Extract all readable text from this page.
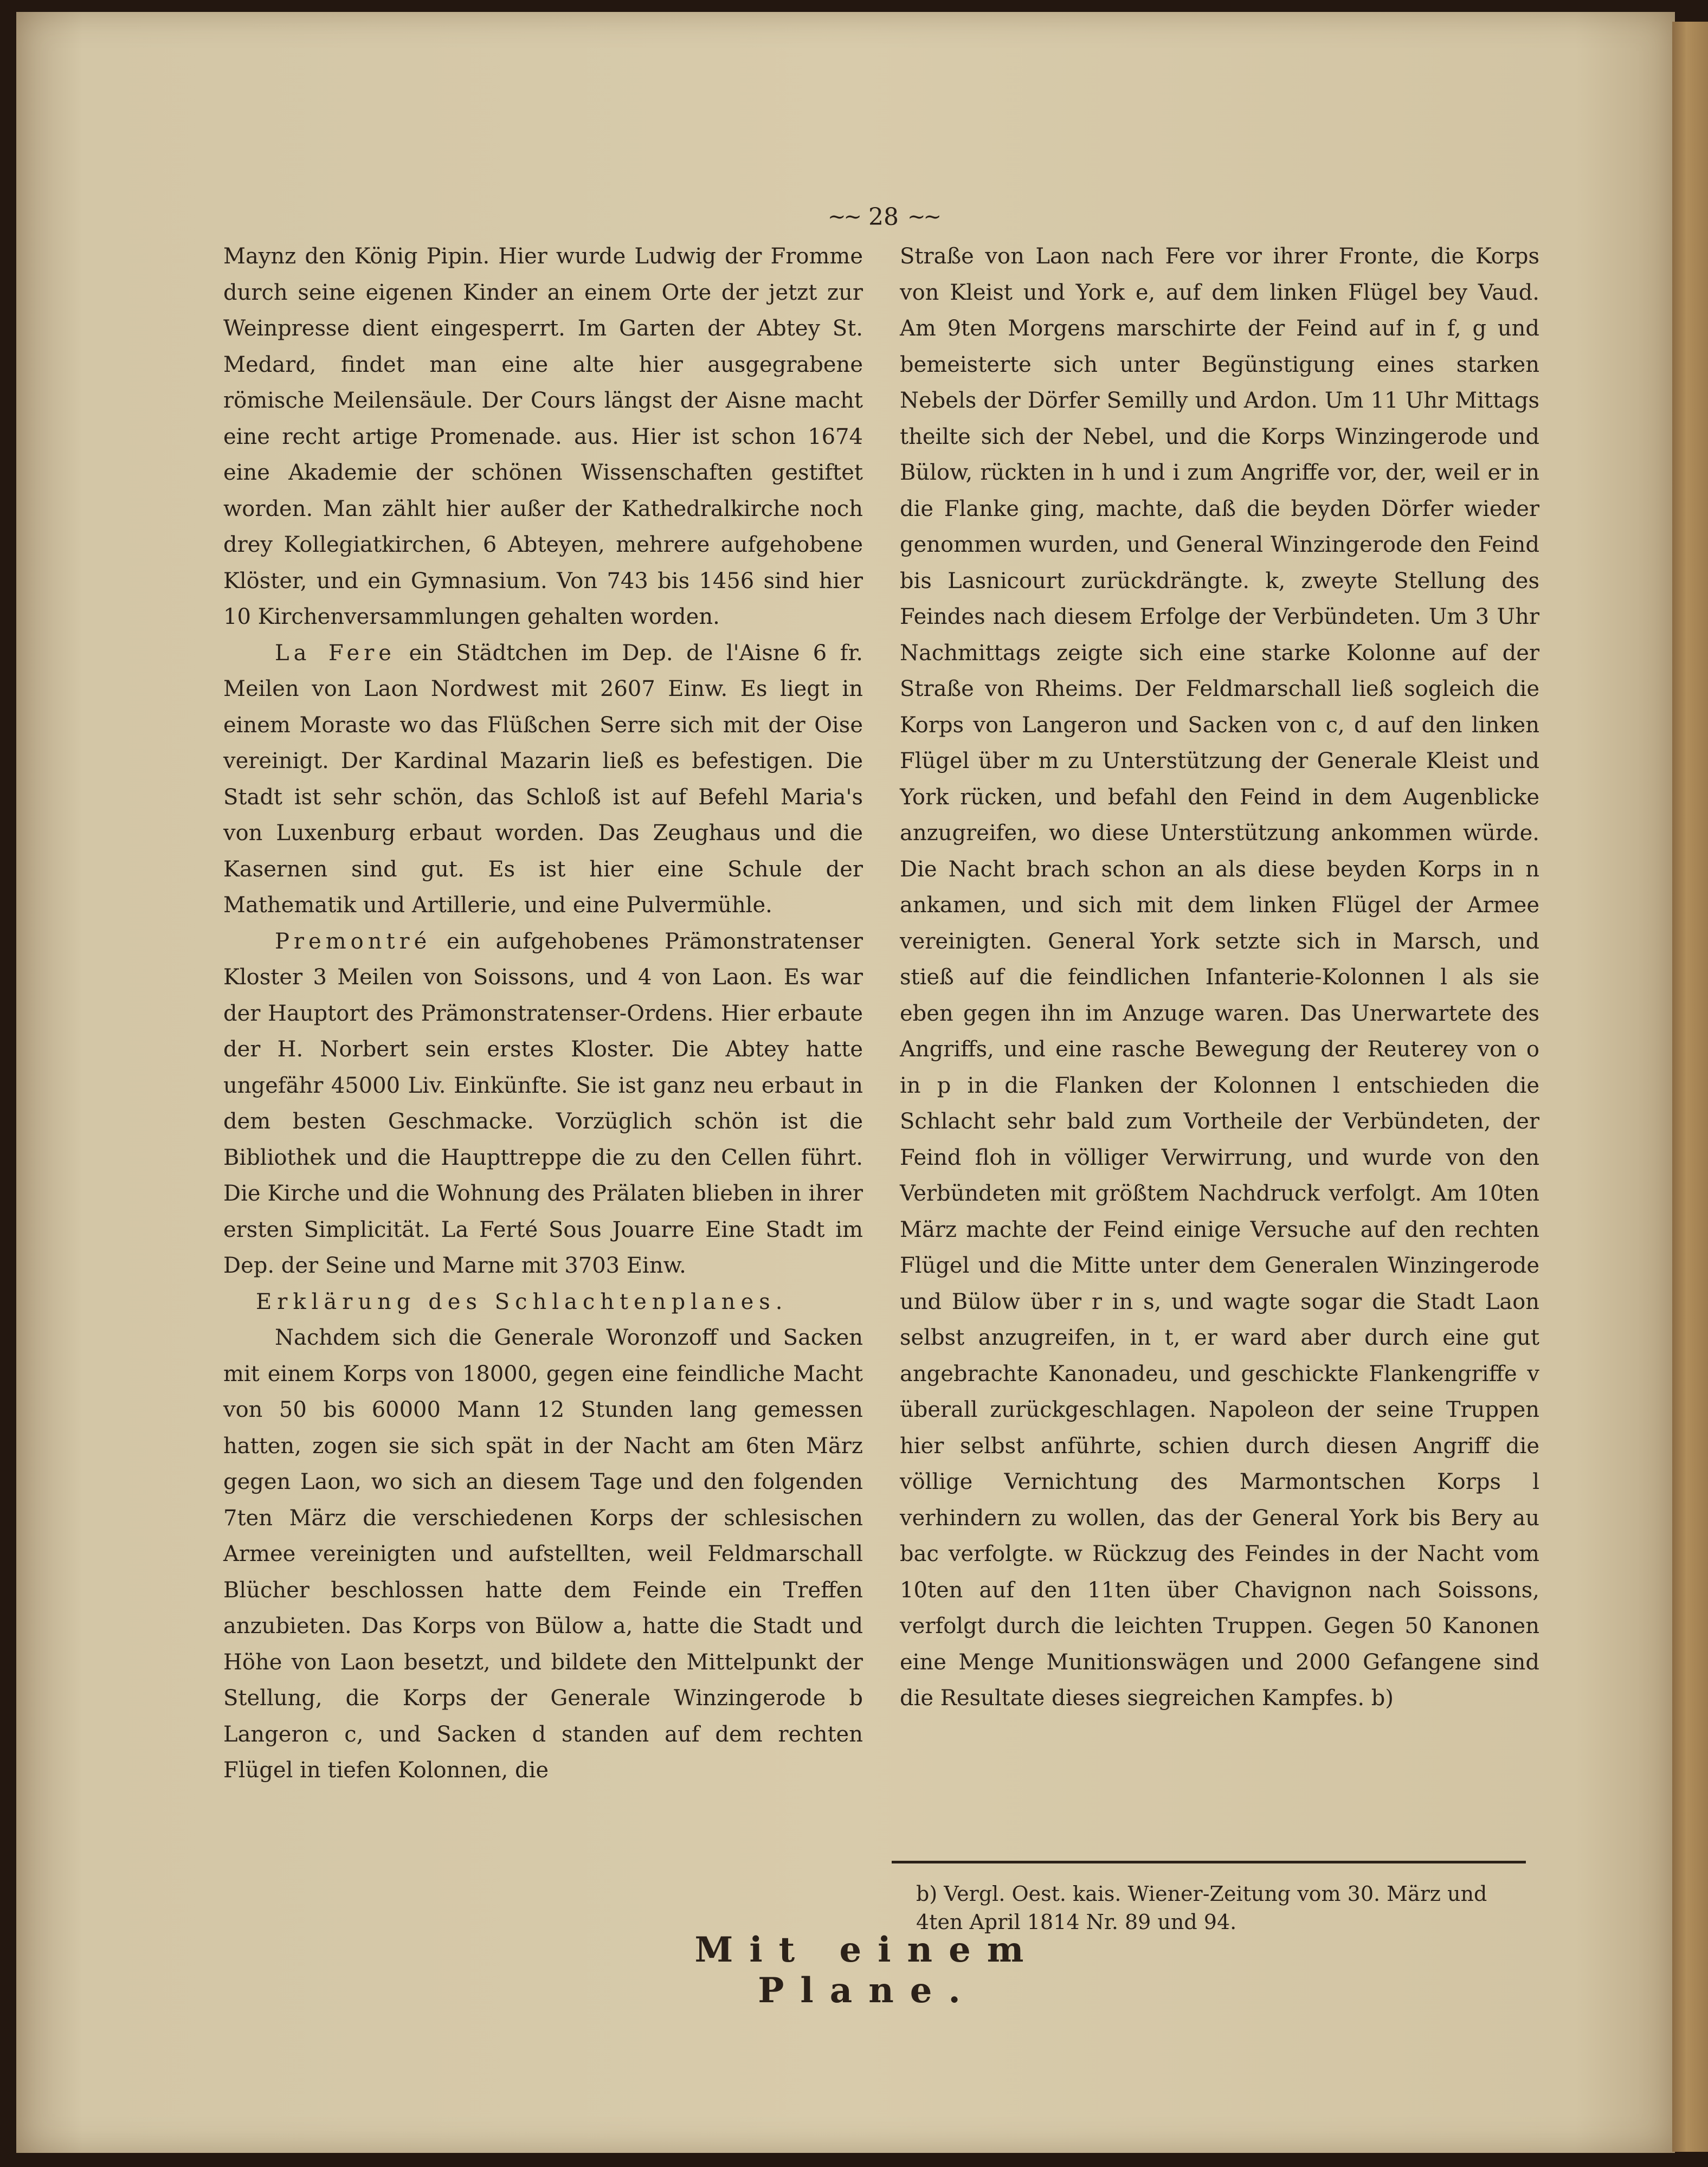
~~ 28 ~~

Maynz den König Pipin. Hier wurde Ludwig der Fromme durch seine eigenen Kinder an einem Orte der jetzt zur Weinpresse dient eingesperrt. Im Garten der Abtey St. Medard, findet man eine alte hier ausgegrabene römische Meilensäule. Der Cours längst der Aisne macht eine recht artige Promenade. aus. Hier ist schon 1674 eine Akademie der schönen Wissenschaften gestiftet worden. Man zählt hier außer der Kathedralkirche noch drey Kollegiatkirchen, 6 Abteyen, mehrere aufgehobene Klöster, und ein Gymnasium. Von 743 bis 1456 sind hier 10 Kirchenversammlungen gehalten worden.

La Fere ein Städtchen im Dep. de l'Aisne 6 fr. Meilen von Laon Nordwest mit 2607 Einw. Es liegt in einem Moraste wo das Flüßchen Serre sich mit der Oise vereinigt. Der Kardinal Mazarin ließ es befestigen. Die Stadt ist sehr schön, das Schloß ist auf Befehl Maria's von Luxenburg erbaut worden. Das Zeughaus und die Kasernen sind gut. Es ist hier eine Schule der Mathematik und Artillerie, und eine Pulvermühle.

Premontré ein aufgehobenes Prämonstratenser Kloster 3 Meilen von Soissons, und 4 von Laon. Es war der Hauptort des Prämonstratenser-Ordens. Hier erbaute der H. Norbert sein erstes Kloster. Die Abtey hatte ungefähr 45000 Liv. Einkünfte. Sie ist ganz neu erbaut in dem besten Geschmacke. Vorzüglich schön ist die Bibliothek und die Haupttreppe die zu den Cellen führt. Die Kirche und die Wohnung des Prälaten blieben in ihrer ersten Simplicität. La Ferté Sous Jouarre Eine Stadt im Dep. der Seine und Marne mit 3703 Einw.

Erklärung des Schlachtenplanes.

Nachdem sich die Generale Woronzoff und Sacken mit einem Korps von 18000, gegen eine feindliche Macht von 50 bis 60000 Mann 12 Stunden lang gemessen hatten, zogen sie sich spät in der Nacht am 6ten März gegen Laon, wo sich an diesem Tage und den folgenden 7ten März die verschiedenen Korps der schlesischen Armee vereinigten und aufstellten, weil Feldmarschall Blücher beschlossen hatte dem Feinde ein Treffen anzubieten. Das Korps von Bülow a, hatte die Stadt und Höhe von Laon besetzt, und bildete den Mittelpunkt der Stellung, die Korps der Generale Winzingerode b Langeron c, und Sacken d standen auf dem rechten Flügel in tiefen Kolonnen, die

Straße von Laon nach Fere vor ihrer Fronte, die Korps von Kleist und York e, auf dem linken Flügel bey Vaud. Am 9ten Morgens marschirte der Feind auf in f, g und bemeisterte sich unter Begünstigung eines starken Nebels der Dörfer Semilly und Ardon. Um 11 Uhr Mittags theilte sich der Nebel, und die Korps Winzingerode und Bülow, rückten in h und i zum Angriffe vor, der, weil er in die Flanke ging, machte, daß die beyden Dörfer wieder genommen wurden, und General Winzingerode den Feind bis Lasnicourt zurückdrängte. k, zweyte Stellung des Feindes nach diesem Erfolge der Verbündeten. Um 3 Uhr Nachmittags zeigte sich eine starke Kolonne auf der Straße von Rheims. Der Feldmarschall ließ sogleich die Korps von Langeron und Sacken von c, d auf den linken Flügel über m zu Unterstützung der Generale Kleist und York rücken, und befahl den Feind in dem Augenblicke anzugreifen, wo diese Unterstützung ankommen würde. Die Nacht brach schon an als diese beyden Korps in n ankamen, und sich mit dem linken Flügel der Armee vereinigten. General York setzte sich in Marsch, und stieß auf die feindlichen Infanterie-Kolonnen l als sie eben gegen ihn im Anzuge waren. Das Unerwartete des Angriffs, und eine rasche Bewegung der Reuterey von o in p in die Flanken der Kolonnen l entschieden die Schlacht sehr bald zum Vortheile der Verbündeten, der Feind floh in völliger Verwirrung, und wurde von den Verbündeten mit größtem Nachdruck verfolgt. Am 10ten März machte der Feind einige Versuche auf den rechten Flügel und die Mitte unter dem Generalen Winzingerode und Bülow über r in s, und wagte sogar die Stadt Laon selbst anzugreifen, in t, er ward aber durch eine gut angebrachte Kanonadeu, und geschickte Flankengriffe v überall zurückgeschlagen. Napoleon der seine Truppen hier selbst anführte, schien durch diesen Angriff die völlige Vernichtung des Marmontschen Korps l verhindern zu wollen, das der General York bis Bery au bac verfolgte. w Rückzug des Feindes in der Nacht vom 10ten auf den 11ten über Chavignon nach Soissons, verfolgt durch die leichten Truppen. Gegen 50 Kanonen eine Menge Munitionswägen und 2000 Gefangene sind die Resultate dieses siegreichen Kampfes. b)

b) Vergl. Oest. kais. Wiener-Zeitung vom 30. März und 4ten April 1814 Nr. 89 und 94.
Mit einem Plane.
